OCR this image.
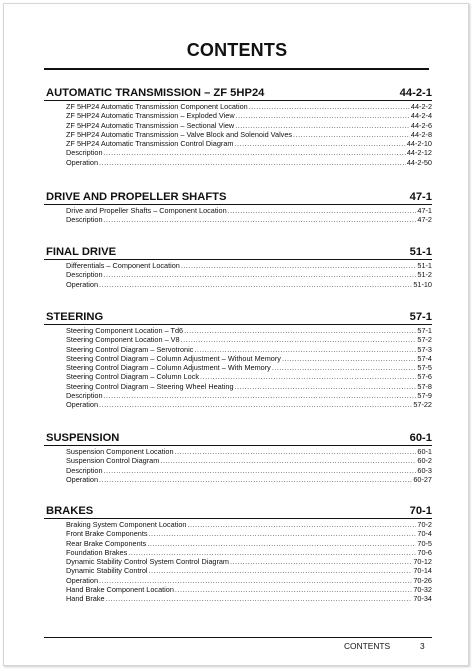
CONTENTS
AUTOMATIC TRANSMISSION – ZF 5HP24	44-2-1
ZF 5HP24 Automatic Transmission Component Location .....	44-2-2
ZF 5HP24 Automatic Transmission – Exploded View .....	44-2-4
ZF 5HP24 Automatic Transmission – Sectional View .....	44-2-6
ZF 5HP24 Automatic Transmission – Valve Block and Solenoid Valves .....	44-2-8
ZF 5HP24 Automatic Transmission Control Diagram .....	44-2-10
Description .....	44-2-12
Operation .....	44-2-50
DRIVE AND PROPELLER SHAFTS	47-1
Drive and Propeller Shafts – Component Location .....	47-1
Description .....	47-2
FINAL DRIVE	51-1
Differentials – Component Location .....	51-1
Description .....	51-2
Operation .....	51-10
STEERING	57-1
Steering Component Location – Td6 .....	57-1
Steering Component Location – V8 .....	57-2
Steering Control Diagram – Servotronic .....	57-3
Steering Control Diagram – Column Adjustment – Without Memory .....	57-4
Steering Control Diagram – Column Adjustment – With Memory .....	57-5
Steering Control Diagram – Column Lock .....	57-6
Steering Control Diagram – Steering Wheel Heating .....	57-8
Description .....	57-9
Operation .....	57-22
SUSPENSION	60-1
Suspension Component Location .....	60-1
Suspension Control Diagram .....	60-2
Description .....	60-3
Operation .....	60-27
BRAKES	70-1
Braking System Component Location .....	70-2
Front Brake Components .....	70-4
Rear Brake Components .....	70-5
Foundation Brakes .....	70-6
Dynamic Stability Control System Control Diagram .....	70-12
Dynamic Stability Control .....	70-14
Operation .....	70-26
Hand Brake Component Location .....	70-32
Hand Brake .....	70-34
CONTENTS	3
